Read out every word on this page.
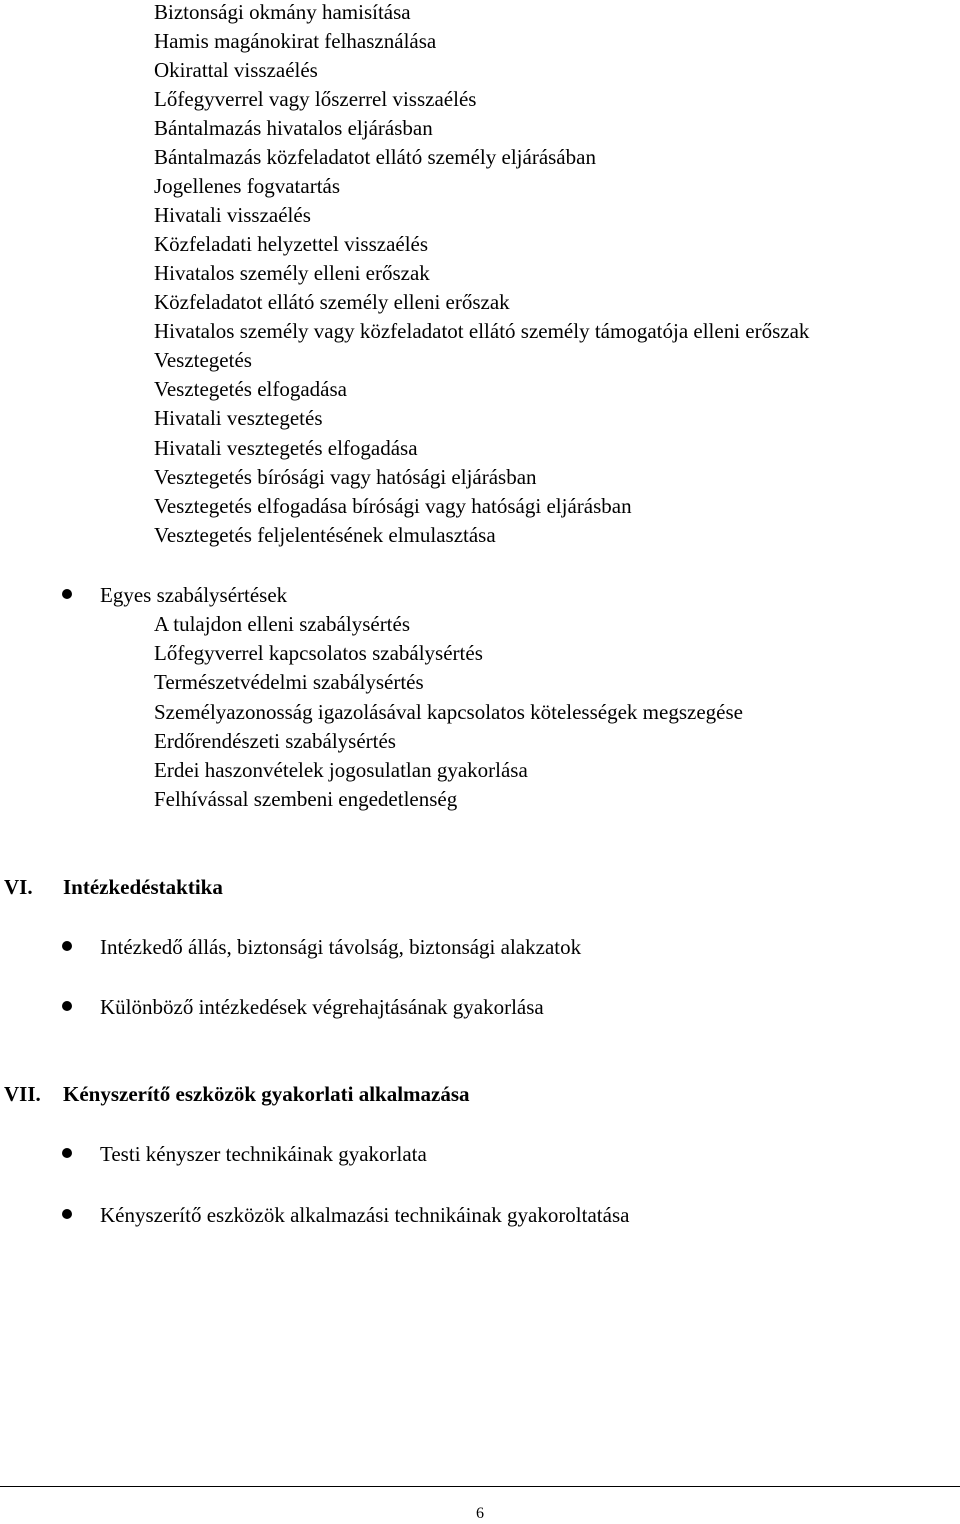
Biztonsági okmány hamisítása
Hamis magánokirat felhasználása
Okirattal visszaélés
Lőfegyverrel vagy lőszerrel visszaélés
Bántalmazás hivatalos eljárásban
Bántalmazás közfeladatot ellátó személy eljárásában
Jogellenes fogvatartás
Hivatali visszaélés
Közfeladati helyzettel visszaélés
Hivatalos személy elleni erőszak
Közfeladatot ellátó személy elleni erőszak
Hivatalos személy vagy közfeladatot ellátó személy támogatója elleni erőszak
Vesztegetés
Vesztegetés elfogadása
Hivatali vesztegetés
Hivatali vesztegetés elfogadása
Vesztegetés bírósági vagy hatósági eljárásban
Vesztegetés elfogadása bírósági vagy hatósági eljárásban
Vesztegetés feljelentésének elmulasztása
Egyes szabálysértések
A tulajdon elleni szabálysértés
Lőfegyverrel kapcsolatos szabálysértés
Természetvédelmi szabálysértés
Személyazonosság igazolásával kapcsolatos kötelességek megszegése
Erdőrendészeti szabálysértés
Erdei haszonvételek jogosulatlan gyakorlása
Felhívással szembeni engedetlenség
VI. Intézkedéstaktika
Intézkedő állás, biztonsági távolság, biztonsági alakzatok
Különböző intézkedések végrehajtásának gyakorlása
VII. Kényszerítő eszközök gyakorlati alkalmazása
Testi kényszer technikáinak gyakorlata
Kényszerítő eszközök alkalmazási technikáinak gyakoroltatása
6
